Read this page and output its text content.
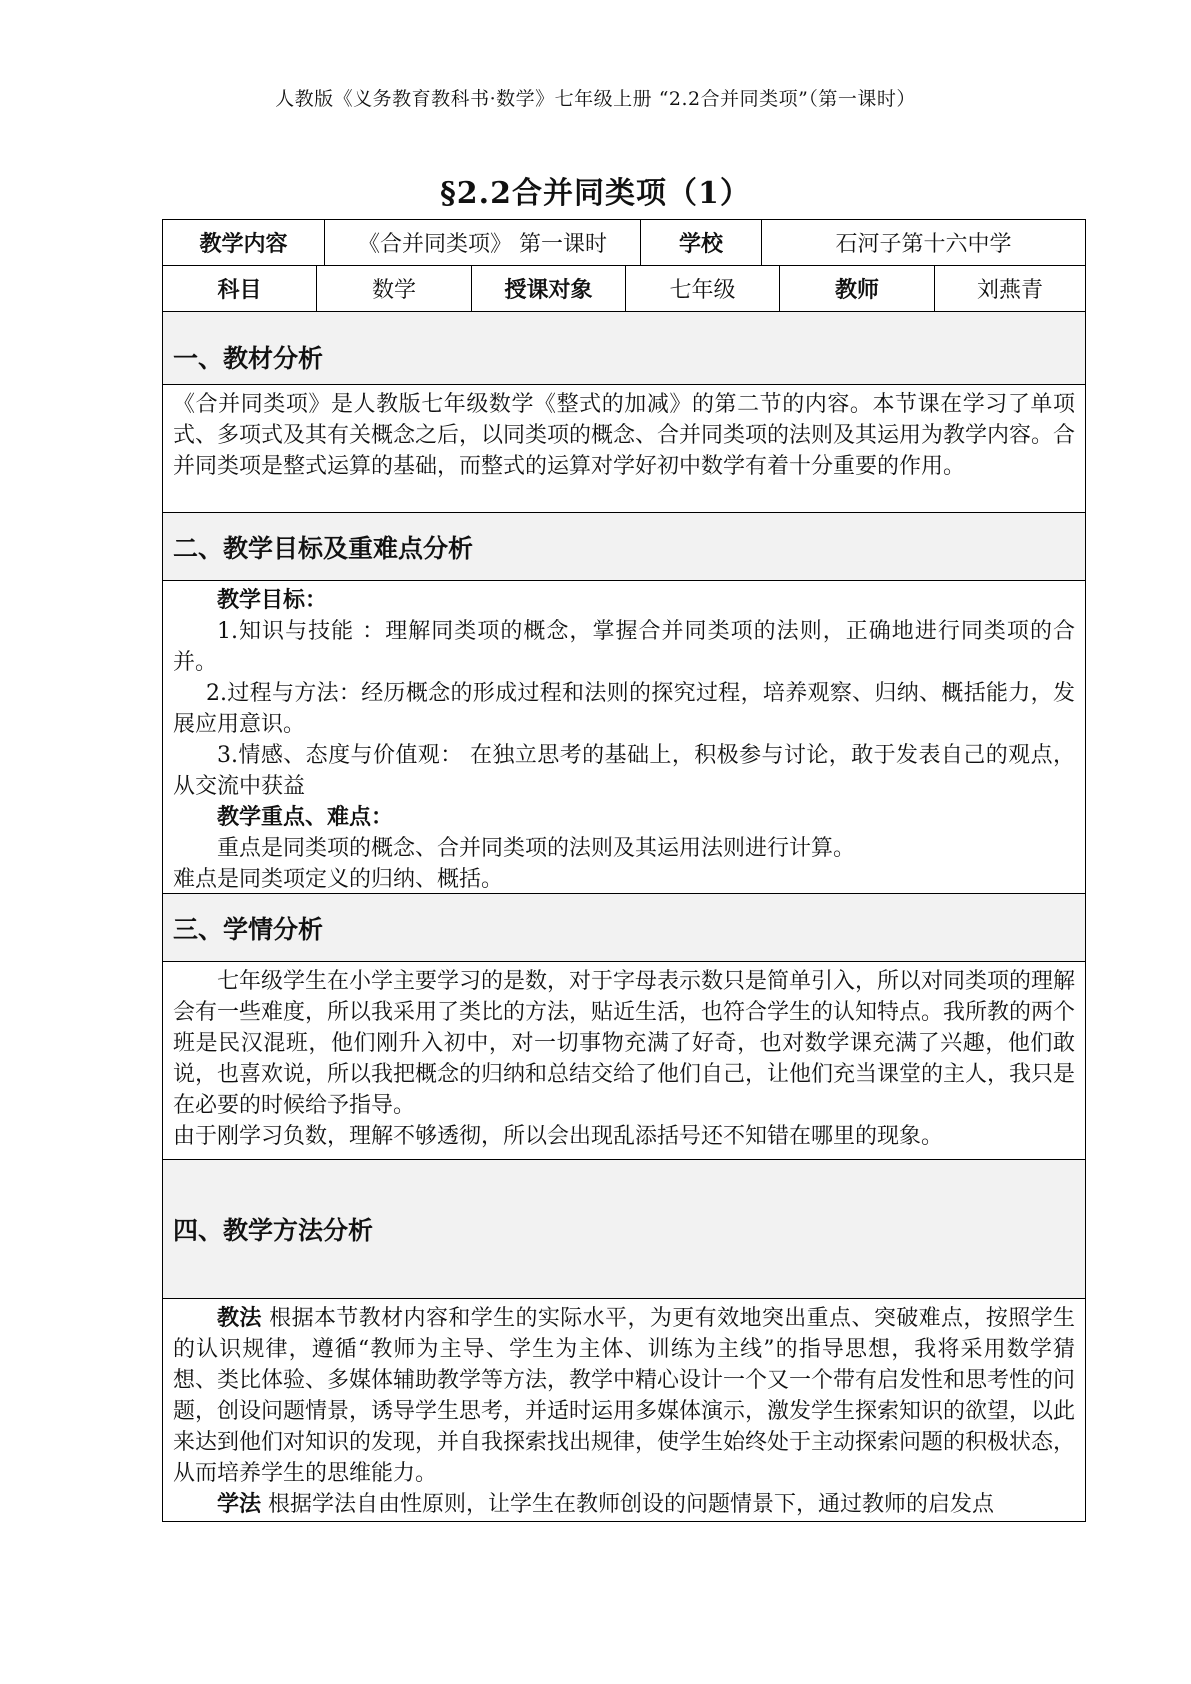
人教版《义务教育教科书·数学》七年级上册 “2.2合并同类项”（第一课时）
§2.2合并同类项（1）
教学内容	《合并同类项》 第一课时	学校	石河子第十六中学
科目	数学	授课对象	七年级	教师	刘燕青
一、教材分析

《合并同类项》是人教版七年级数学《整式的加减》的第二节的内容。本节课在学习了单项式、多项式及其有关概念之后，以同类项的概念、合并同类项的法则及其运用为教学内容。合并同类项是整式运算的基础，而整式的运算对学好初中数学有着十分重要的作用。

二、教学目标及重难点分析

教学目标：

1.知识与技能 ：理解同类项的概念，掌握合并同类项的法则，正确地进行同类项的合并。

2.过程与方法：经历概念的形成过程和法则的探究过程，培养观察、归纳、概括能力，发展应用意识。

3.情感、态度与价值观： 在独立思考的基础上，积极参与讨论，敢于发表自己的观点，从交流中获益

教学重点、难点：

重点是同类项的概念、合并同类项的法则及其运用法则进行计算。

难点是同类项定义的归纳、概括。

三、学情分析

七年级学生在小学主要学习的是数，对于字母表示数只是简单引入，所以对同类项的理解会有一些难度，所以我采用了类比的方法，贴近生活，也符合学生的认知特点。我所教的两个班是民汉混班，他们刚升入初中，对一切事物充满了好奇，也对数学课充满了兴趣，他们敢说，也喜欢说，所以我把概念的归纳和总结交给了他们自己，让他们充当课堂的主人，我只是在必要的时候给予指导。

由于刚学习负数，理解不够透彻，所以会出现乱添括号还不知错在哪里的现象。

四、教学方法分析

教法 根据本节教材内容和学生的实际水平，为更有效地突出重点、突破难点，按照学生的认识规律，遵循“教师为主导、学生为主体、训练为主线”的指导思想，我将采用数学猜想、类比体验、多媒体辅助教学等方法，教学中精心设计一个又一个带有启发性和思考性的问题，创设问题情景，诱导学生思考，并适时运用多媒体演示，激发学生探索知识的欲望，以此来达到他们对知识的发现，并自我探索找出规律，使学生始终处于主动探索问题的积极状态，从而培养学生的思维能力。

学法 根据学法自由性原则，让学生在教师创设的问题情景下，通过教师的启发点
